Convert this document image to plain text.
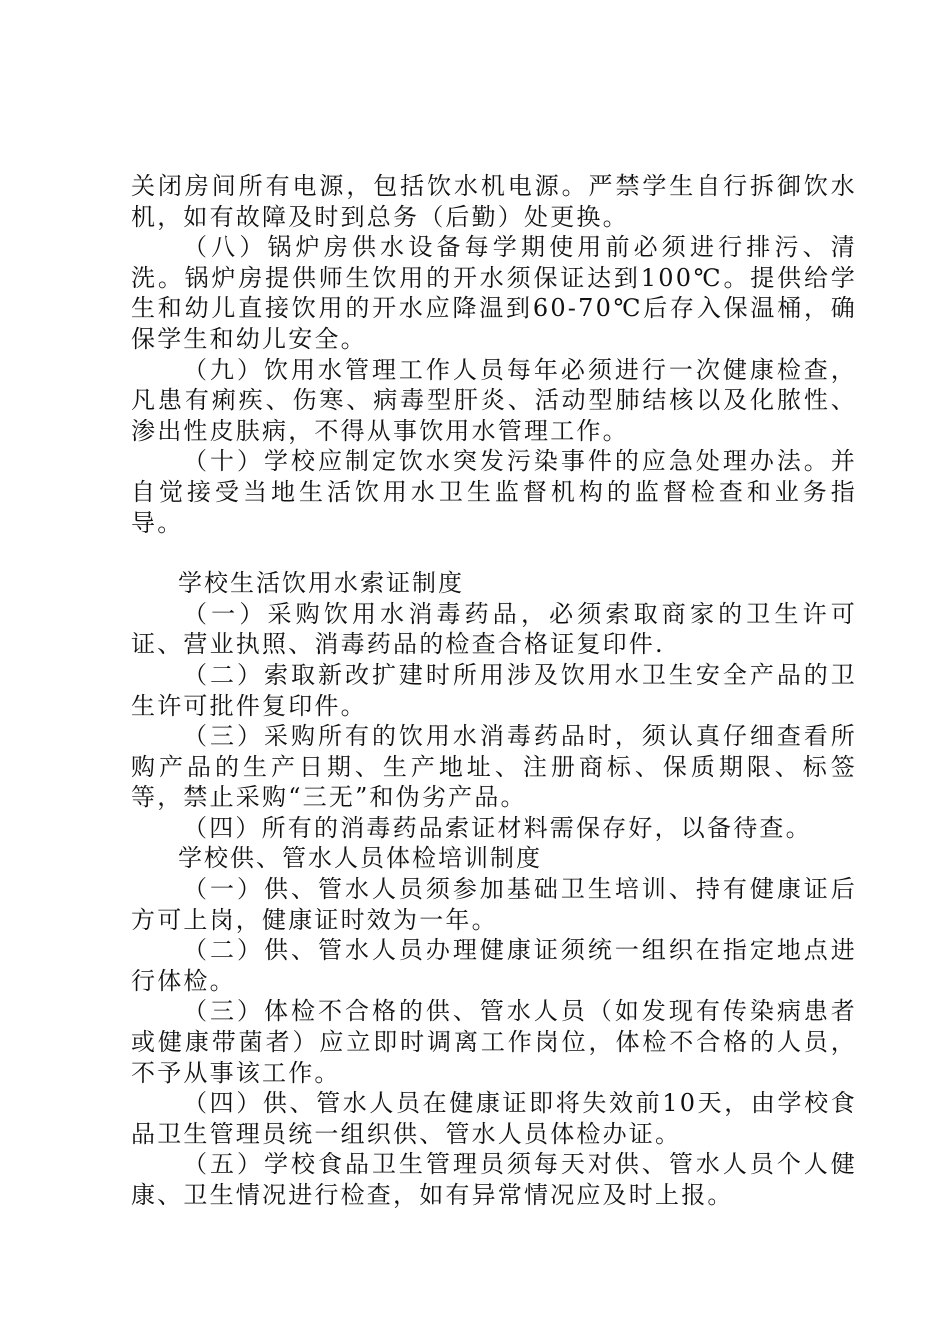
关闭房间所有电源，包括饮水机电源。严禁学生自行拆御饮水机，如有故障及时到总务（后勤）处更换。

（八）锅炉房供水设备每学期使用前必须进行排污、清洗。锅炉房提供师生饮用的开水须保证达到100℃。提供给学生和幼儿直接饮用的开水应降温到60-70℃后存入保温桶，确保学生和幼儿安全。

（九）饮用水管理工作人员每年必须进行一次健康检查，凡患有痢疾、伤寒、病毒型肝炎、活动型肺结核以及化脓性、渗出性皮肤病，不得从事饮用水管理工作。

（十）学校应制定饮水突发污染事件的应急处理办法。并自觉接受当地生活饮用水卫生监督机构的监督检查和业务指导。

学校生活饮用水索证制度

（一）采购饮用水消毒药品，必须索取商家的卫生许可证、营业执照、消毒药品的检查合格证复印件.

（二）索取新改扩建时所用涉及饮用水卫生安全产品的卫生许可批件复印件。

（三）采购所有的饮用水消毒药品时，须认真仔细查看所购产品的生产日期、生产地址、注册商标、保质期限、标签等，禁止采购“三无”和伪劣产品。

（四）所有的消毒药品索证材料需保存好，以备待查。

学校供、管水人员体检培训制度

（一）供、管水人员须参加基础卫生培训、持有健康证后方可上岗，健康证时效为一年。

（二）供、管水人员办理健康证须统一组织在指定地点进行体检。

（三）体检不合格的供、管水人员（如发现有传染病患者或健康带菌者）应立即时调离工作岗位，体检不合格的人员，不予从事该工作。

（四）供、管水人员在健康证即将失效前10天，由学校食品卫生管理员统一组织供、管水人员体检办证。

（五）学校食品卫生管理员须每天对供、管水人员个人健康、卫生情况进行检查，如有异常情况应及时上报。
